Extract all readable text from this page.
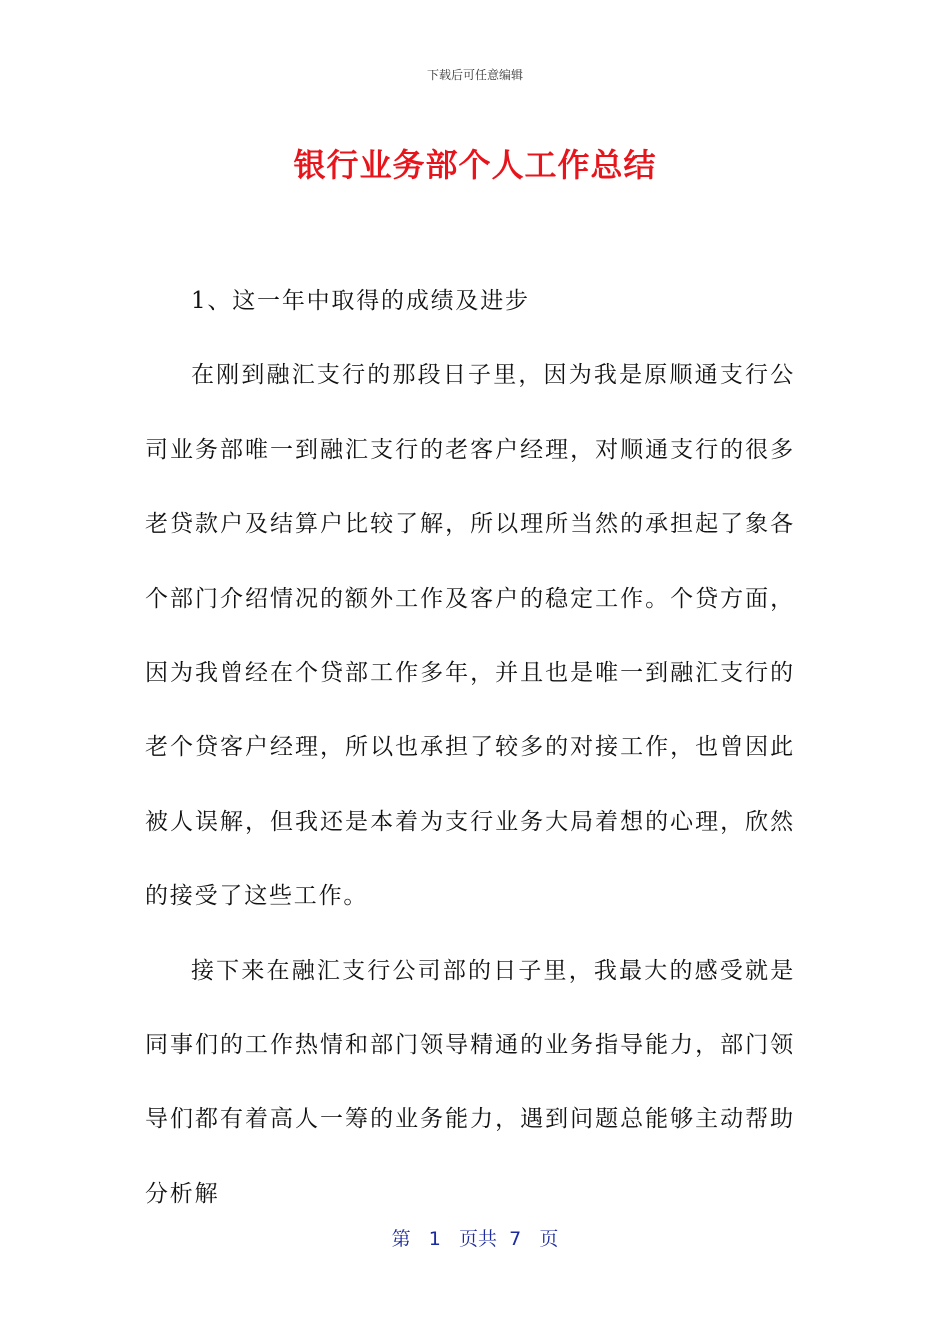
下载后可任意编辑
银行业务部个人工作总结

1、这一年中取得的成绩及进步

在刚到融汇支行的那段日子里，因为我是原顺通支行公司业务部唯一到融汇支行的老客户经理，对顺通支行的很多老贷款户及结算户比较了解，所以理所当然的承担起了象各个部门介绍情况的额外工作及客户的稳定工作。个贷方面，因为我曾经在个贷部工作多年，并且也是唯一到融汇支行的老个贷客户经理，所以也承担了较多的对接工作，也曾因此被人误解，但我还是本着为支行业务大局着想的心理，欣然的接受了这些工作。

接下来在融汇支行公司部的日子里，我最大的感受就是同事们的工作热情和部门领导精通的业务指导能力，部门领导们都有着高人一筹的业务能力，遇到问题总能够主动帮助分析解

第 1 页共 7 页
